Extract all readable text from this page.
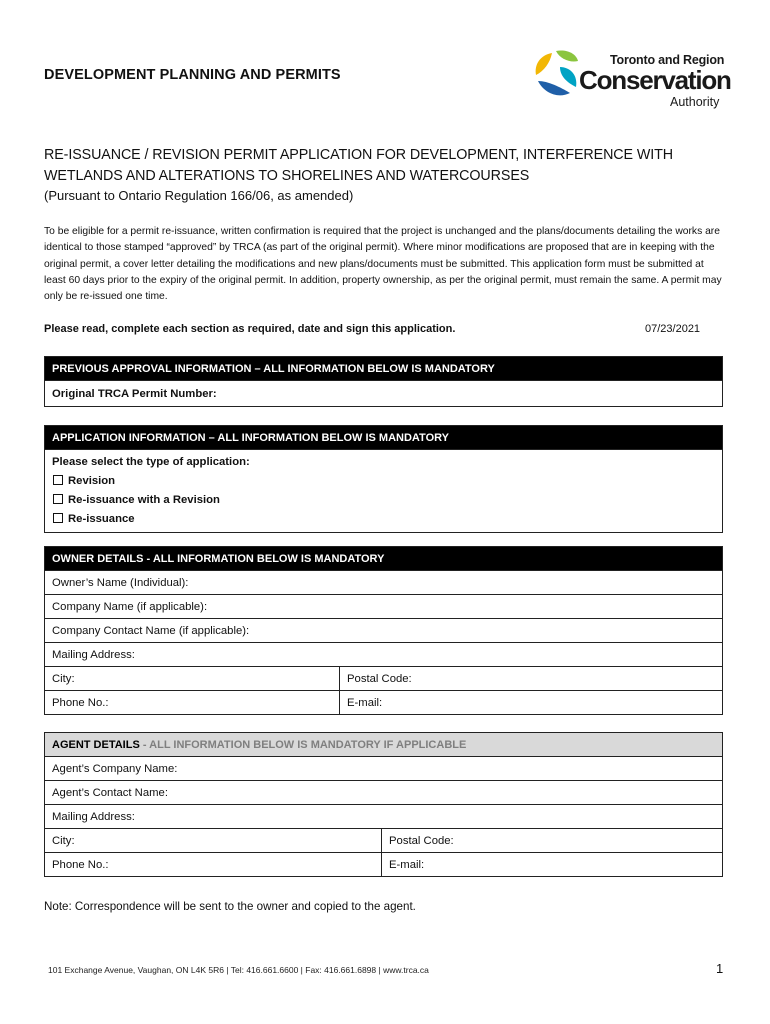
DEVELOPMENT PLANNING AND PERMITS
Toronto and Region
Conservation
Authority
RE-ISSUANCE / REVISION PERMIT APPLICATION FOR DEVELOPMENT, INTERFERENCE WITH
WETLANDS AND ALTERATIONS TO SHORELINES AND WATERCOURSES
(Pursuant to Ontario Regulation 166/06, as amended)
To be eligible for a permit re-issuance, written confirmation is required that the project is unchanged and the plans/documents detailing the works are identical to those stamped “approved” by TRCA (as part of the original permit). Where minor modifications are proposed that are in keeping with the original permit, a cover letter detailing the modifications and new plans/documents must be submitted. This application form must be submitted at least 60 days prior to the expiry of the original permit. In addition, property ownership, as per the original permit, must remain the same. A permit may only be re-issued one time.
Please read, complete each section as required, date and sign this application.	07/23/2021
PREVIOUS APPROVAL INFORMATION – ALL INFORMATION BELOW IS MANDATORY
Original TRCA Permit Number:
APPLICATION INFORMATION – ALL INFORMATION BELOW IS MANDATORY

Please select the type of application:
Revision
Re-issuance with a Revision
Re-issuance
OWNER DETAILS - ALL INFORMATION BELOW IS MANDATORY	
Owner’s Name (Individual):	
Company Name (if applicable):	
Company Contact Name (if applicable):	
Mailing Address:	
City:	Postal Code:
Phone No.:	E-mail:
AGENT DETAILS - ALL INFORMATION BELOW IS MANDATORY IF APPLICABLE	
Agent’s Company Name:	
Agent’s Contact Name:	
Mailing Address:	
City:	Postal Code:
Phone No.:	E-mail:
Note: Correspondence will be sent to the owner and copied to the agent.
101 Exchange Avenue, Vaughan, ON L4K 5R6 | Tel: 416.661.6600 | Fax: 416.661.6898 | www.trca.ca	1
